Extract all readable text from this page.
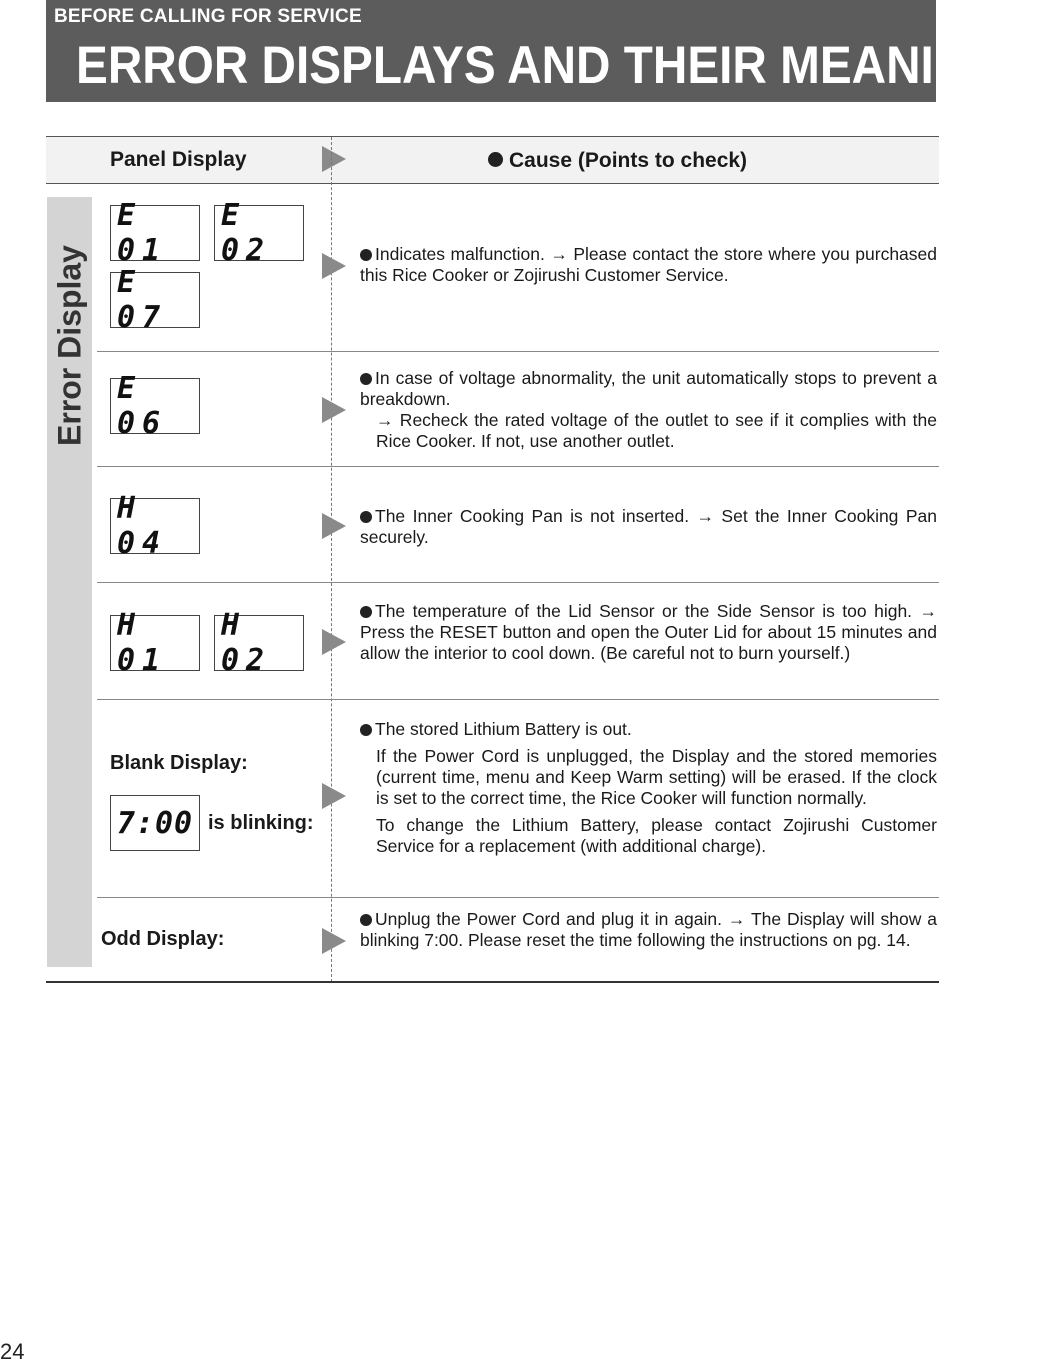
BEFORE CALLING FOR SERVICE
ERROR DISPLAYS AND THEIR MEANINGS
Panel Display	Cause (Points to check)
Error Display
E 01
E 02
E 07

Indicates malfunction. → Please contact the store where you purchased this Rice Cooker or Zojirushi Customer Service.

E 06

In case of voltage abnormality, the unit automatically stops to prevent a breakdown.

→ Recheck the rated voltage of the outlet to see if it complies with the Rice Cooker. If not, use another outlet.

H 04

The Inner Cooking Pan is not inserted. → Set the Inner Cooking Pan securely.

H 01
H 02

The temperature of the Lid Sensor or the Side Sensor is too high. → Press the RESET button and open the Outer Lid for about 15 minutes and allow the interior to cool down. (Be careful not to burn yourself.)

Blank Display:
7:00 is blinking:

The stored Lithium Battery is out.

If the Power Cord is unplugged, the Display and the stored memories (current time, menu and Keep Warm setting) will be erased. If the clock is set to the correct time, the Rice Cooker will function normally.

To change the Lithium Battery, please contact Zojirushi Customer Service for a replacement (with additional charge).

Odd Display:

Unplug the Power Cord and plug it in again. → The Display will show a blinking 7:00. Please reset the time following the instructions on pg. 14.

24
